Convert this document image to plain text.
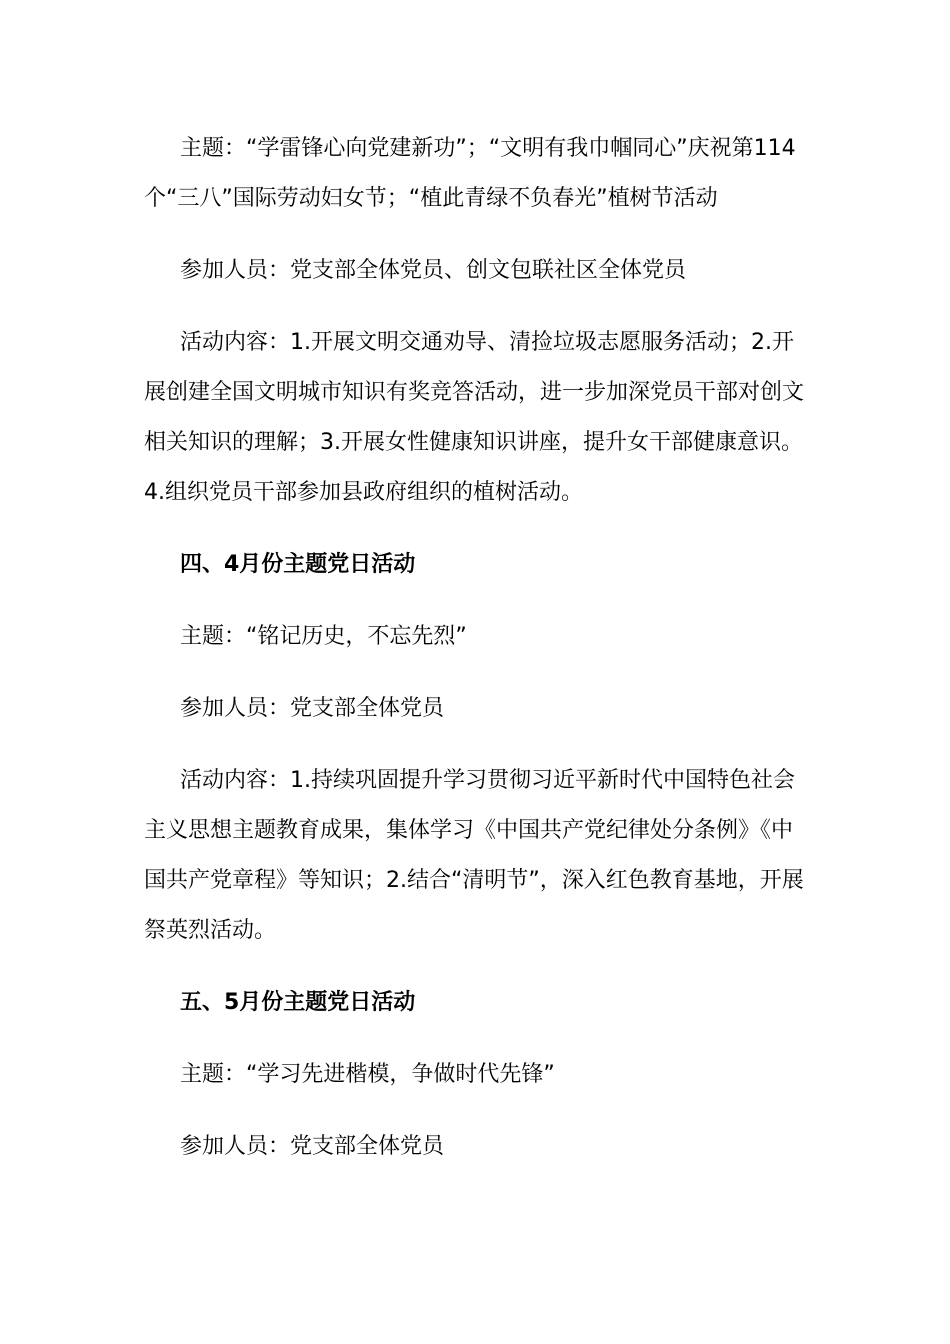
主题：“学雷锋心向党建新功”；“文明有我巾帼同心”庆祝第114个“三八”国际劳动妇女节；“植此青绿不负春光”植树节活动

参加人员：党支部全体党员、创文包联社区全体党员

活动内容：1.开展文明交通劝导、清捡垃圾志愿服务活动；2.开展创建全国文明城市知识有奖竞答活动，进一步加深党员干部对创文相关知识的理解；3.开展女性健康知识讲座，提升女干部健康意识。4.组织党员干部参加县政府组织的植树活动。

四、4月份主题党日活动

主题：“铭记历史，不忘先烈”

参加人员：党支部全体党员

活动内容：1.持续巩固提升学习贯彻习近平新时代中国特色社会主义思想主题教育成果，集体学习《中国共产党纪律处分条例》《中国共产党章程》等知识；2.结合“清明节”，深入红色教育基地，开展祭英烈活动。

五、5月份主题党日活动

主题：“学习先进楷模，争做时代先锋”

参加人员：党支部全体党员
